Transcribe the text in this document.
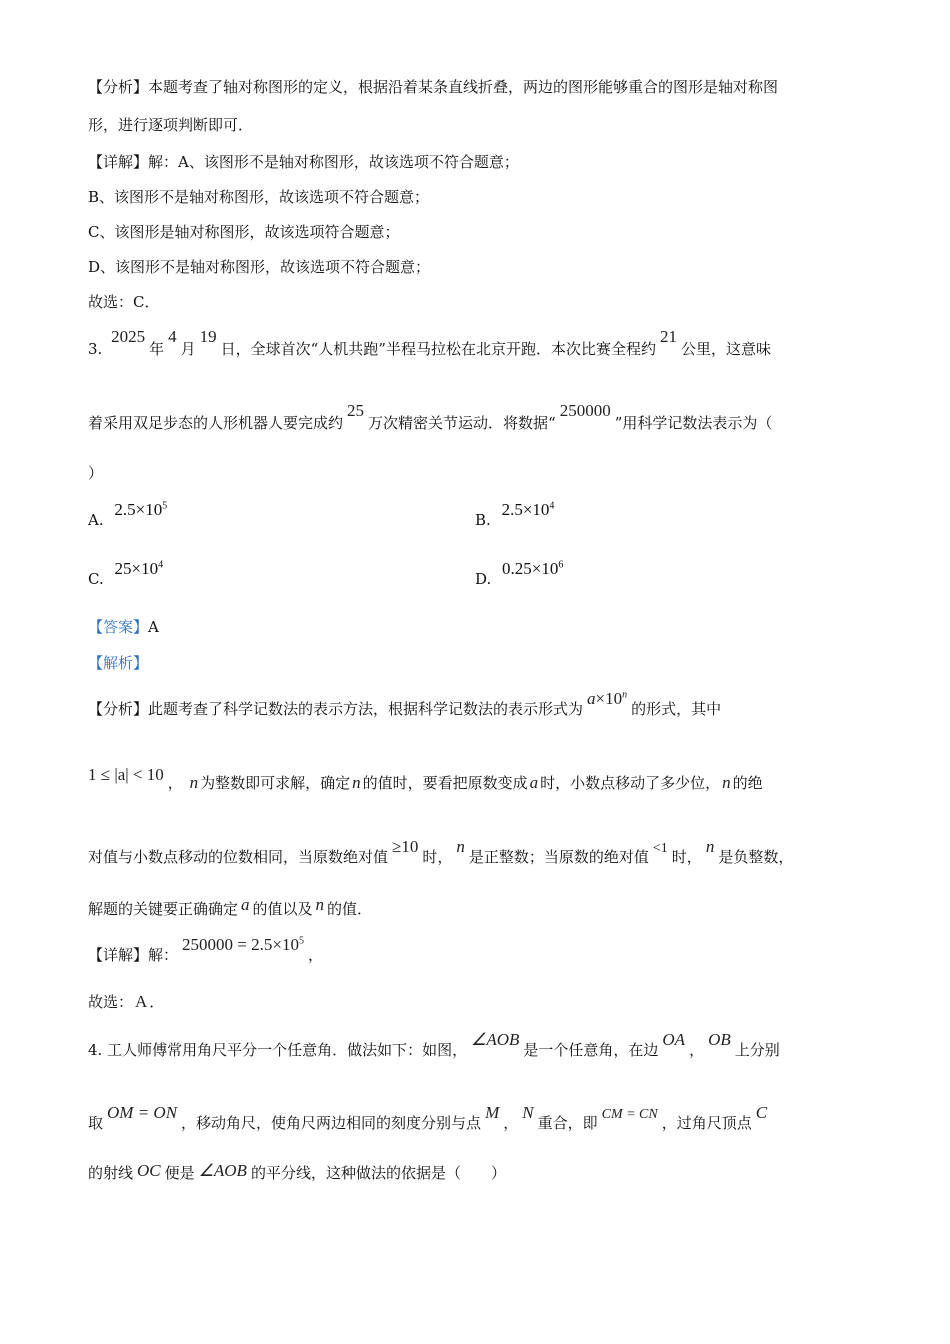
【分析】本题考查了轴对称图形的定义，根据沿着某条直线折叠，两边的图形能够重合的图形是轴对称图
形，进行逐项判断即可．
【详解】解：A、该图形不是轴对称图形，故该选项不符合题意；
B、该图形不是轴对称图形，故该选项不符合题意；
C、该图形是轴对称图形，故该选项符合题意；
D、该图形不是轴对称图形，故该选项不符合题意；
故选：C．
3. 2025年4月19日，全球首次“人机共跑”半程马拉松在北京开跑．本次比赛全程约21公里，这意味
着采用双足步态的人形机器人要完成约25万次精密关节运动．将数据“250000”用科学记数法表示为（
）
A. $2.5\times 10^5$
B. $2.5\times 10^4$
C. $25\times 10^4$
D. $0.25\times 10^6$
【答案】A
【解析】
【分析】此题考查了科学记数法的表示方法，根据科学记数法的表示形式为$a\times 10^n$的形式，其中
1 ≤ |a| < 10 ， n 为整数即可求解，确定 n 的值时，要看把原数变成 a 时，小数点移动了多少位， n 的绝
对值与小数点移动的位数相同，当原数绝对值≥10时，n是正整数；当原数的绝对值 <1 时，n是负整数，
解题的关键要正确确定 a 的值以及 n 的值．
【详解】解：$250000 = 2.5\times 10^5$，
故选： A ．
4. 工人师傅常用角尺平分一个任意角．做法如下：如图，∠AOB是一个任意角，在边OA，OB上分别
取OM = ON，移动角尺，使角尺两边相同的刻度分别与点M，N重合，即 CM = CN ，过角尺顶点C
的射线 OC 便是 ∠AOB 的平分线，这种做法的依据是（　　）
